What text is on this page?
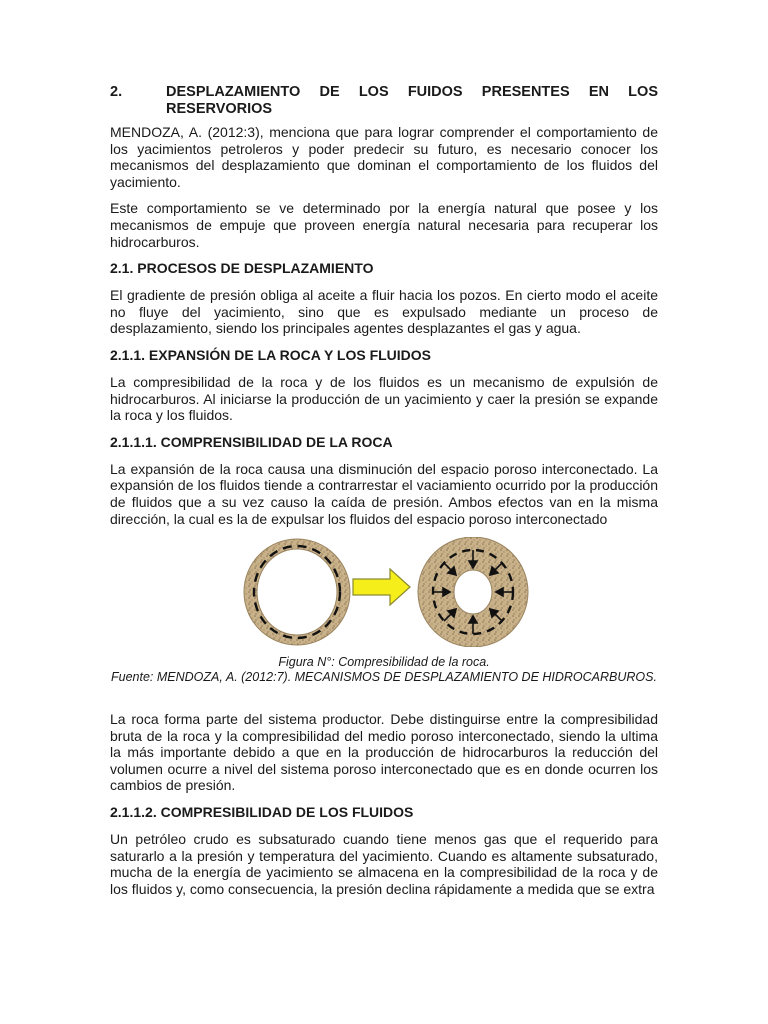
2.	DESPLAZAMIENTO DE LOS FUIDOS PRESENTES EN LOS RESERVORIOS

MENDOZA, A. (2012:3), menciona que para lograr comprender el comportamiento de los yacimientos petroleros y poder predecir su futuro, es necesario conocer los mecanismos del desplazamiento que dominan el comportamiento de los fluidos del yacimiento.

Este comportamiento se ve determinado por la energía natural que posee y los mecanismos de empuje que proveen energía natural necesaria para recuperar los hidrocarburos.

2.1. PROCESOS DE DESPLAZAMIENTO

El gradiente de presión obliga al aceite a fluir hacia los pozos. En cierto modo el aceite no fluye del yacimiento, sino que es expulsado mediante un proceso de desplazamiento, siendo los principales agentes desplazantes el gas y agua.

2.1.1. EXPANSIÓN DE LA ROCA Y LOS FLUIDOS

La compresibilidad de la roca y de los fluidos es un mecanismo de expulsión de hidrocarburos. Al iniciarse la producción de un yacimiento y caer la presión se expande la roca y los fluidos.

2.1.1.1. COMPRENSIBILIDAD DE LA ROCA

La expansión de la roca causa una disminución del espacio poroso interconectado. La expansión de los fluidos tiende a contrarrestar el vaciamiento ocurrido por la producción de fluidos que a su vez causo la caída de presión. Ambos efectos van en la misma dirección, la cual es la de expulsar los fluidos del espacio poroso interconectado

Figura N°: Compresibilidad de la roca.
Fuente: MENDOZA, A. (2012:7). MECANISMOS DE DESPLAZAMIENTO DE HIDROCARBUROS.

La roca forma parte del sistema productor. Debe distinguirse entre la compresibilidad bruta de la roca y la compresibilidad del medio poroso interconectado, siendo la ultima la más importante debido a que en la producción de hidrocarburos la reducción del volumen ocurre a nivel del sistema poroso interconectado que es en donde ocurren los cambios de presión.

2.1.1.2. COMPRESIBILIDAD DE LOS FLUIDOS

Un petróleo crudo es subsaturado cuando tiene menos gas que el requerido para saturarlo a la presión y temperatura del yacimiento. Cuando es altamente subsaturado, mucha de la energía de yacimiento se almacena en la compresibilidad de la roca y de los fluidos y, como consecuencia, la presión declina rápidamente a medida que se extra
